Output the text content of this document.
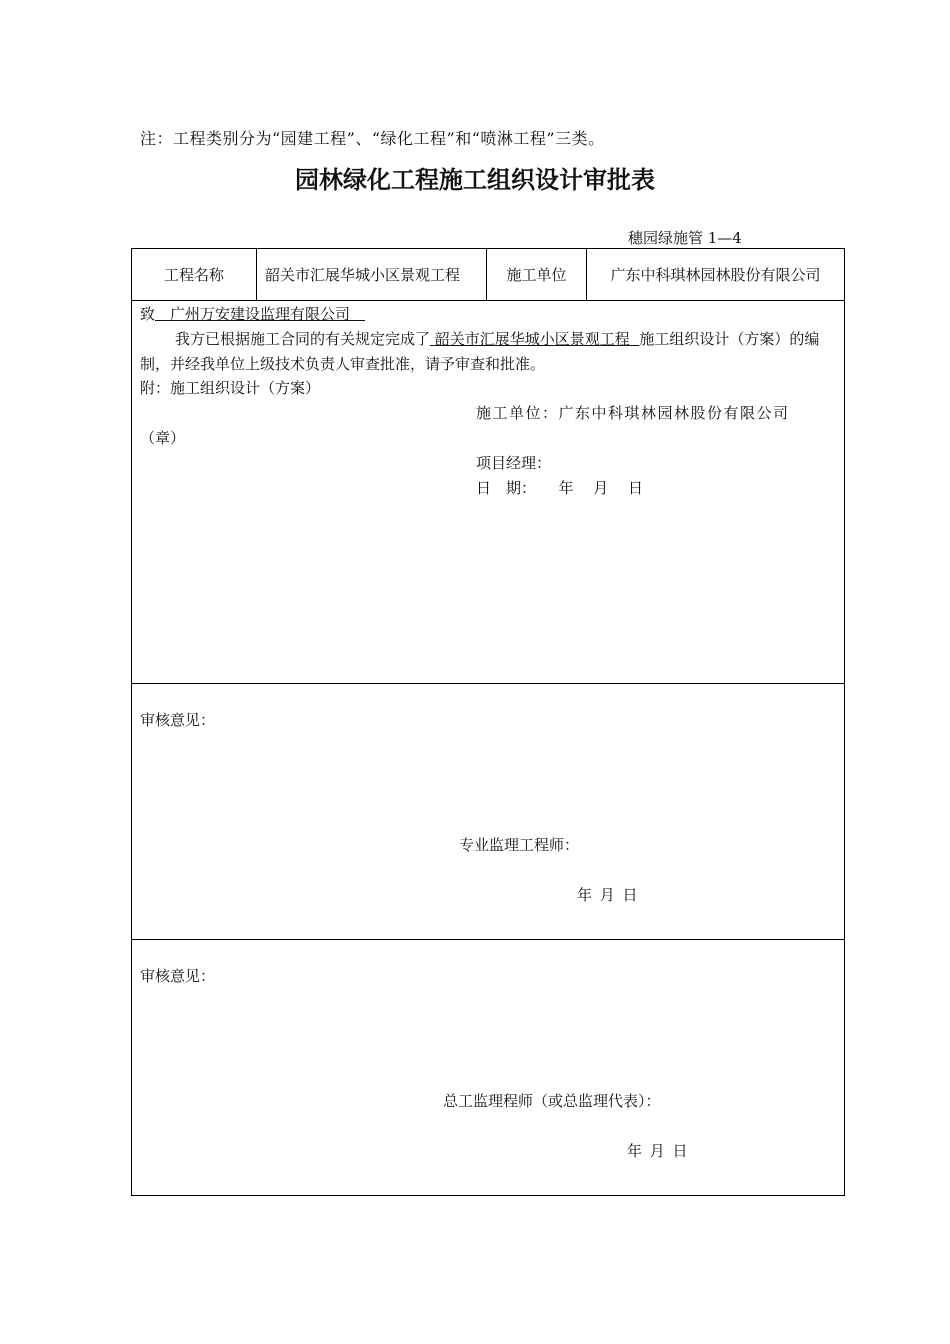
注：工程类别分为“园建工程”、“绿化工程”和“喷淋工程”三类。
园林绿化工程施工组织设计审批表
穗园绿施管 1—4
工程名称	韶关市汇展华城小区景观工程	施工单位	广东中科琪林园林股份有限公司
致  广州万安建设监理有限公司 
我方已根据施工合同的有关规定完成了 韶关市汇展华城小区景观工程 施工组织设计（方案）的编制，并经我单位上级技术负责人审查批准，请予审查和批准。
附：施工组织设计（方案）
施工单位：广东中科琪林园林股份有限公司
（章）
项目经理：
日　期：　　年　 月　 日
审核意见：
专业监理工程师：
年 月 日
审核意见：
总工监理程师（或总监理代表）：
年 月 日
